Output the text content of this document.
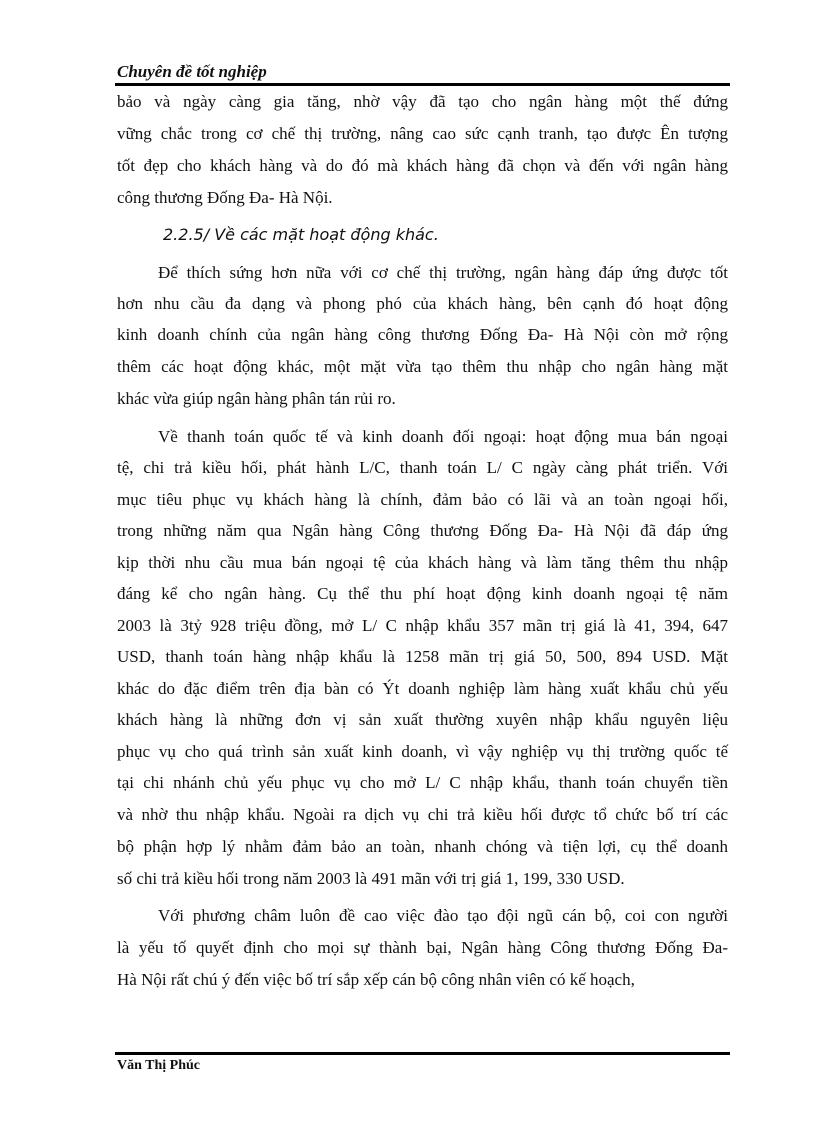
Chuyên đề tốt nghiệp
bảo và ngày càng gia tăng, nhờ vậy đã tạo cho ngân hàng một thế đứng
vững chắc trong cơ chế thị trường, nâng cao sức cạnh tranh, tạo được Ên tượng
tốt đẹp cho khách hàng và do đó mà khách hàng đã chọn và đến với ngân hàng
công thương Đống Đa- Hà Nội.
2.2.5/ Về các mặt hoạt động khác.
Để thích sứng hơn nữa với cơ chế thị trường, ngân hàng đáp ứng được tốt
hơn nhu cầu đa dạng và phong phó của khách hàng, bên cạnh đó hoạt động
kinh doanh chính của ngân hàng công thương Đống Đa- Hà Nội còn mở rộng
thêm các hoạt động khác, một mặt vừa tạo thêm thu nhập cho ngân hàng mặt
khác vừa giúp ngân hàng phân tán rủi ro.
Về thanh toán quốc tế và kinh doanh đối ngoại: hoạt động mua bán ngoại
tệ, chi trả kiều hối, phát hành L/C, thanh toán L/ C ngày càng phát triển. Với
mục tiêu phục vụ khách hàng là chính, đảm bảo có lãi và an toàn ngoại hối,
trong những năm qua Ngân hàng Công thương Đống Đa- Hà Nội đã đáp ứng
kịp thời nhu cầu mua bán ngoại tệ của khách hàng và làm tăng thêm thu nhập
đáng kể cho ngân hàng. Cụ thể thu phí hoạt động kinh doanh ngoại tệ năm
2003 là 3tỷ 928 triệu đồng, mở L/ C nhập khẩu 357 mãn trị giá là 41, 394, 647
USD, thanh toán hàng nhập khẩu là 1258 mãn trị giá 50, 500, 894 USD. Mặt
khác do đặc điểm trên địa bàn có Ýt doanh nghiệp làm hàng xuất khẩu chủ yếu
khách hàng là những đơn vị sản xuất thường xuyên nhập khẩu nguyên liệu
phục vụ cho quá trình sản xuất kinh doanh, vì vậy nghiệp vụ thị trường quốc tế
tại chi nhánh chủ yếu phục vụ cho mở L/ C nhập khẩu, thanh toán chuyển tiền
và nhờ thu nhập khẩu. Ngoài ra dịch vụ chi trả kiều hối được tổ chức bố trí các
bộ phận hợp lý nhằm đảm bảo an toàn, nhanh chóng và tiện lợi, cụ thể doanh
số chi trả kiều hối trong năm 2003 là 491 mãn với trị giá 1, 199, 330 USD.
Với phương châm luôn đề cao việc đào tạo đội ngũ cán bộ, coi con người
là yếu tố quyết định cho mọi sự thành bại, Ngân hàng Công thương Đống Đa-
Hà Nội rất chú ý đến việc bố trí sắp xếp cán bộ công nhân viên có kế hoạch,
Văn Thị Phúc
